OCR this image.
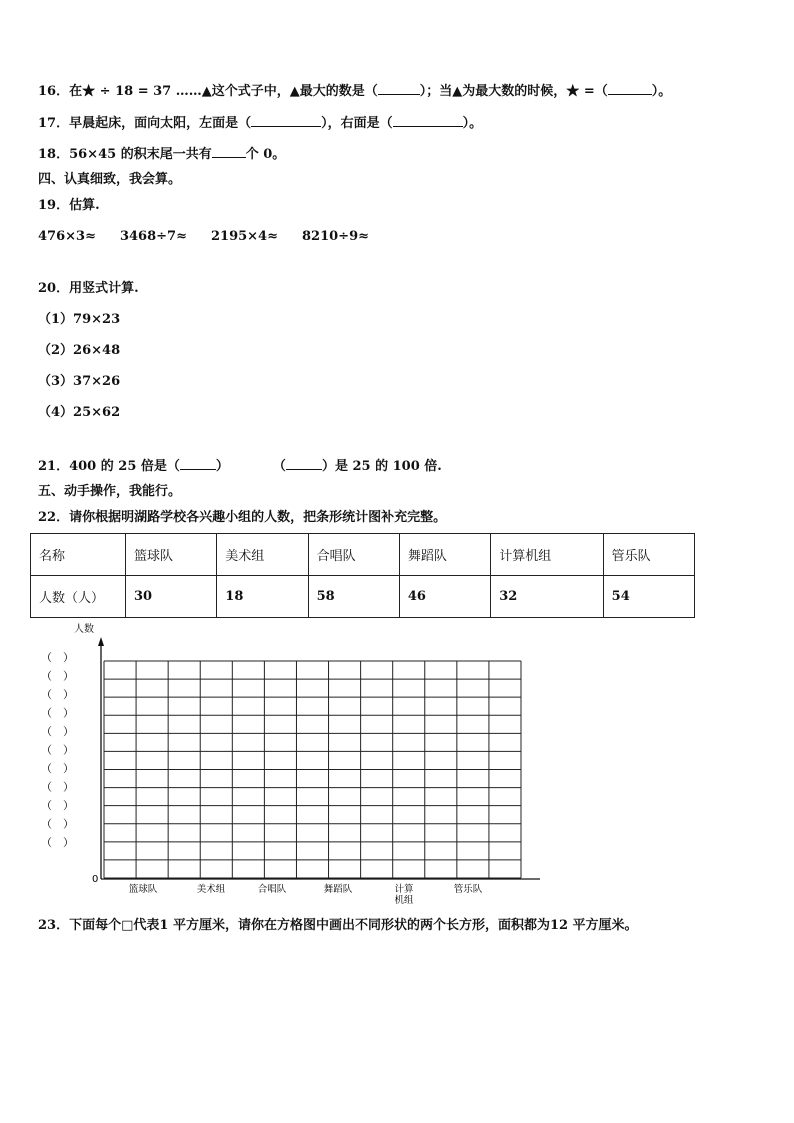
16．在★ ÷ 18 = 37 ……▲这个式子中，▲最大的数是（	）；当▲为最大数的时候，★ =（	）。
17．早晨起床，面向太阳，左面是（	），右面是（	）。
18．56×45 的积末尾一共有	个 0。
四、认真细致，我会算。
19．估算.
476×3≈ 3468÷7≈ 2195×4≈ 8210÷9≈
20．用竖式计算.
（1）79×23
（2）26×48
（3）37×26
（4）25×62
21．400 的 25 倍是（	）	（	）是 25 的 100 倍.
五、动手操作，我能行。
22．请你根据明湖路学校各兴趣小组的人数，把条形统计图补充完整。
名称	篮球队	美术组	合唱队	舞蹈队	计算机组	管乐队
人数（人）	30	18	58	46	32	54
人数
0
（　）
（　）
（　）
（　）
（　）
（　）
（　）
（　）
（　）
（　）
（　）
篮球队	美术组	合唱队	舞蹈队	计算
机组
管乐队
23．下面每个□代表1 平方厘米，请你在方格图中画出不同形状的两个长方形，面积都为12 平方厘米。
